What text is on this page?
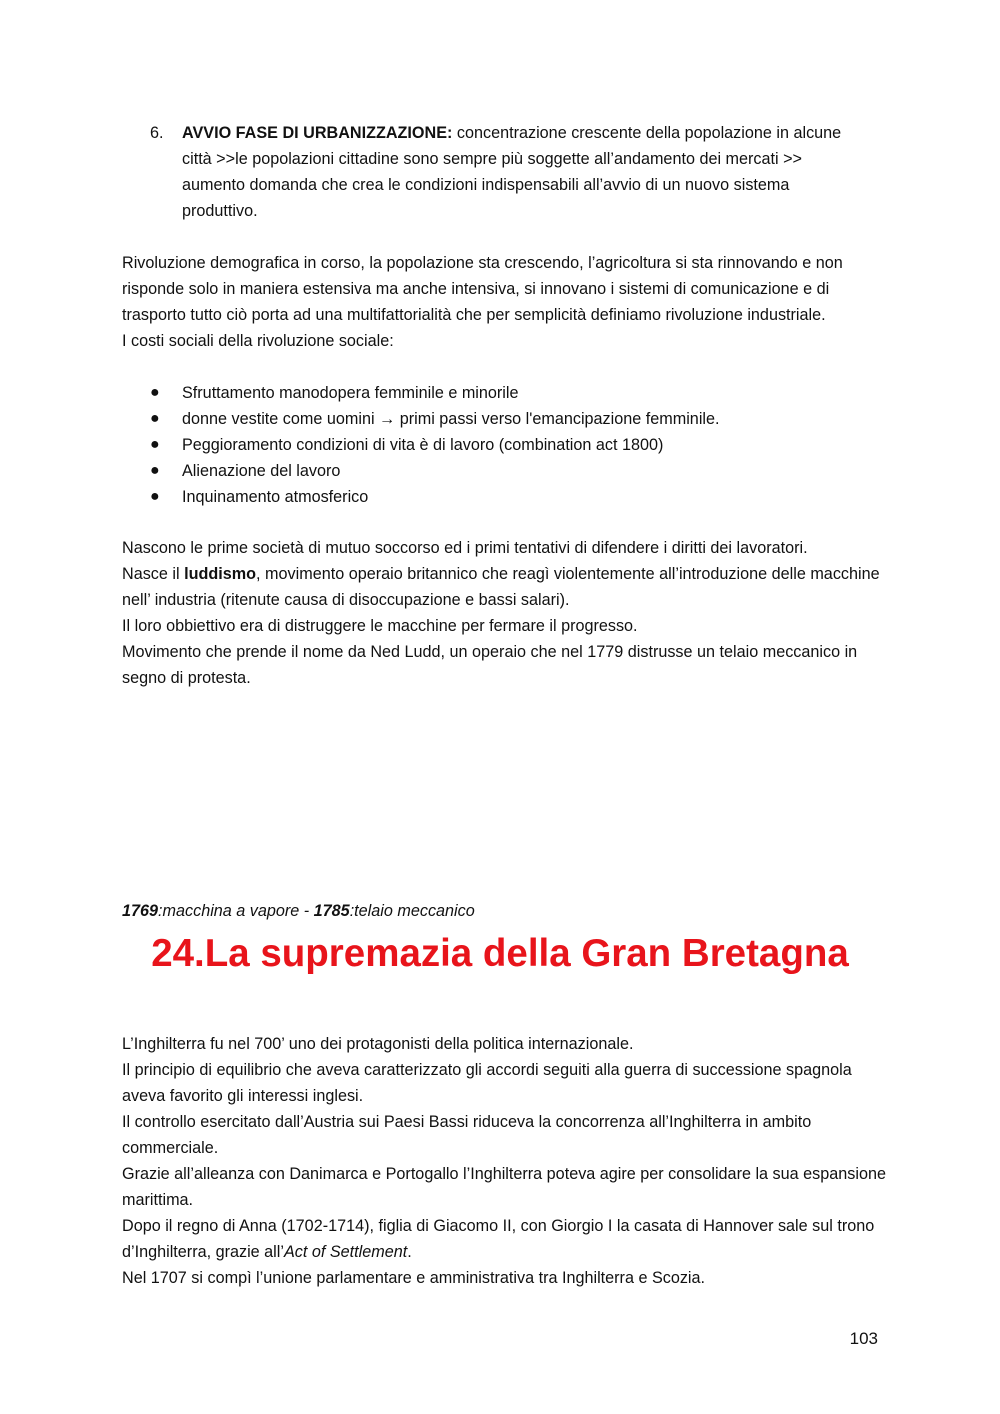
6. AVVIO FASE DI URBANIZZAZIONE: concentrazione crescente della popolazione in alcune città >>le popolazioni cittadine sono sempre più soggette all’andamento dei mercati >> aumento domanda che crea le condizioni indispensabili all’avvio di un nuovo sistema produttivo.

Rivoluzione demografica in corso, la popolazione sta crescendo, l’agricoltura si sta rinnovando e non risponde solo in maniera estensiva ma anche intensiva, si innovano i sistemi di comunicazione e di trasporto tutto ciò porta ad una multifattorialità che per semplicità definiamo rivoluzione industriale.

I costi sociali della rivoluzione sociale:

● Sfruttamento manodopera femminile e minorile
● donne vestite come uomini → primi passi verso l'emancipazione femminile.
● Peggioramento condizioni di vita è di lavoro (combination act 1800)
● Alienazione del lavoro
● Inquinamento atmosferico

Nascono le prime società di mutuo soccorso ed i primi tentativi di difendere i diritti dei lavoratori.

Nasce il luddismo, movimento operaio britannico che reagì violentemente all’introduzione delle macchine nell’ industria (ritenute causa di disoccupazione e bassi salari).

Il loro obbiettivo era di distruggere le macchine per fermare il progresso.

Movimento che prende il nome da Ned Ludd, un operaio che nel 1779 distrusse un telaio meccanico in segno di protesta.

1769:macchina a vapore - 1785:telaio meccanico
24.La supremazia della Gran Bretagna

L’Inghilterra fu nel 700’ uno dei protagonisti della politica internazionale.

Il principio di equilibrio che aveva caratterizzato gli accordi seguiti alla guerra di successione spagnola aveva favorito gli interessi inglesi.

Il controllo esercitato dall’Austria sui Paesi Bassi riduceva la concorrenza all’Inghilterra in ambito commerciale.

Grazie all’alleanza con Danimarca e Portogallo l’Inghilterra poteva agire per consolidare la sua espansione marittima.

Dopo il regno di Anna (1702-1714), figlia di Giacomo II, con Giorgio I la casata di Hannover sale sul trono d’Inghilterra, grazie all’Act of Settlement.

Nel 1707 si compì l’unione parlamentare e amministrativa tra Inghilterra e Scozia.

103
